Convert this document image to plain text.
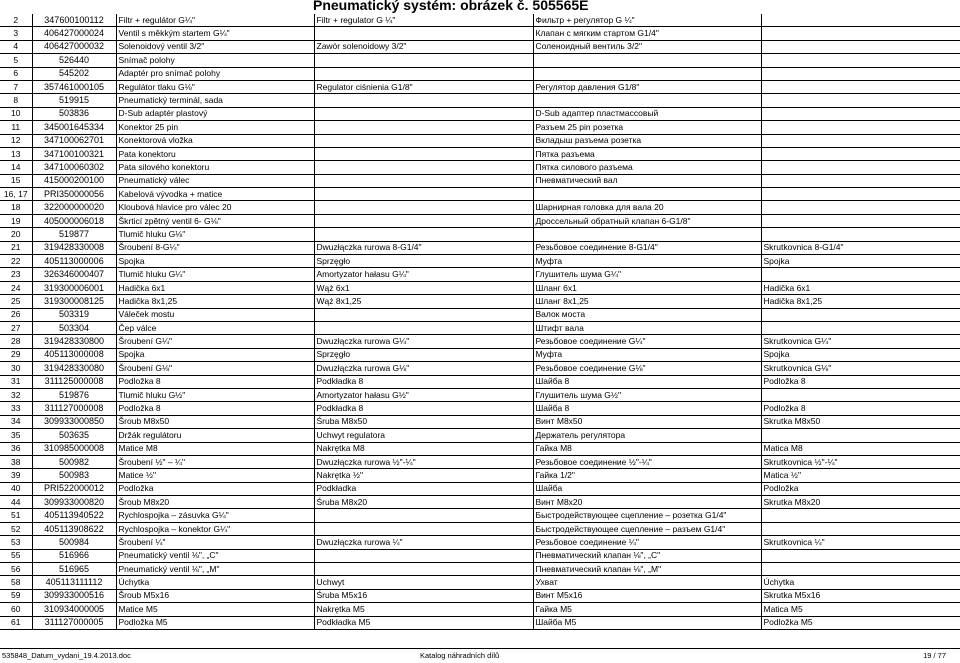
Pneumatický systém: obrázek č. 505565E
2	347600100112	Filtr + regulátor G¼"	Filtr + regulator G ¼"	Фильтр + регулятор G ¼"	
3	406427000024	Ventil s měkkým startem G¼"		Клапан с мягким стартом G1/4"	
4	406427000032	Solenoidový ventil 3/2"	Zawór solenoidowy 3/2"	Соленоидный вентиль 3/2"	
5	526440	Snímač polohy			
6	545202	Adaptér pro snímač polohy			
7	357461000105	Regulátor tlaku G⅛"	Regulator ciśnienia G1/8"	Регулятор давления G1/8"	
8	519915	Pneumatický terminál, sada			
10	503836	D-Sub adaptér plastový		D-Sub адаптер пластмассовый	
11	345001645334	Konektor 25 pin		Разъем 25 pin розетка	
12	347100062701	Konektorová vložka		Вкладыш разъема розетка	
13	347100100321	Pata konektoru		Пятка разъема	
14	347100060302	Pata silového konektoru		Пятка силового разъема	
15	415000200100	Pneumatický válec		Пневматический вал	
16, 17	PRI350000056	Kabelová vývodka + matice			
18	322000000020	Kloubová hlavice pro válec 20		Шарнирная головка для вала 20	
19	405000006018	Škrticí zpětný ventil 6- G⅛"		Дроссельный обратный клапан 6-G1/8"	
20	519877	Tlumič hluku G⅛"			
21	319428330008	Šroubení 8-G¼"	Dwuzłączka rurowa 8-G1/4"	Резьбовое соединение 8-G1/4"	Skrutkovnica 8-G1/4"
22	405113000006	Spojka	Sprzęgło	Муфта	Spojka
23	326346000407	Tlumič hluku G¼"	Amortyzator hałasu G¼"	Глушитель шума G¼"	
24	319300006001	Hadička 6x1	Wąż 6x1	Шланг 6x1	Hadička 6x1
25	319300008125	Hadička 8x1,25	Wąż 8x1,25	Шланг 8x1,25	Hadička 8x1,25
26	503319	Váleček mostu		Валок моста	
27	503304	Čep válce		Штифт вала	
28	319428330800	Šroubení G¼"	Dwuzłączka rurowa G¼"	Резьбовое соединение G¼"	Skrutkovnica G¼"
29	405113000008	Spojka	Sprzęgło	Муфта	Spojka
30	319428330080	Šroubení G⅛"	Dwuzłączka rurowa G⅛"	Резьбовое соединение G⅛"	Skrutkovnica G⅛"
31	311125000008	Podložka 8	Podkładka 8	Шайба 8	Podložka 8
32	519876	Tlumič hluku G½"	Amortyzator hałasu G½"	Глушитель шума G½"	
33	311127000008	Podložka 8	Podkładka 8	Шайба 8	Podložka 8
34	309933000850	Šroub M8x50	Śruba M8x50	Винт M8x50	Skrutka M8x50
35	503635	Držák regulátoru	Uchwyt regulatora	Держатель регулятора	
36	310985000008	Matice M8	Nakrętka M8	Гайка M8	Matica M8
38	500982	Šroubení ½" – ¼"	Dwuzłączka rurowa ½"-¼"	Резьбовое соединение ½"-¼"	Skrutkovnica ½"-¼"
39	500983	Matice ½"	Nakrętka ½"	Гайка 1/2"	Matica ½"
40	PRI522000012	Podložka	Podkładka	Шайба	Podložka
44	309933000820	Šroub M8x20	Śruba M8x20	Винт M8x20	Skrutka M8x20
51	405113940522	Rychlospojka – zásuvka G¼"		Быстродействующее сцепление – розетка G1/4"	
52	405113908622	Rychlospojka – konektor G¼"		Быстродействующее сцепление – разъем G1/4"	
53	500984	Šroubení ¼"	Dwuzłączka rurowa ¼"	Резьбовое соединение ¼"	Skrutkovnica ¼"
55	516966	Pneumatický ventil ⅛", „C"		Пневматический клапан ⅛", „C"	
56	516965	Pneumatický ventil ⅛", „M"		Пневматический клапан ⅛", „M"	
58	405113111112	Úchytka	Uchwyt	Ухват	Úchytka
59	309933000516	Šroub M5x16	Śruba M5x16	Винт M5x16	Skrutka M5x16
60	310934000005	Matice M5	Nakrętka M5	Гайка M5	Matica M5
61	311127000005	Podložka M5	Podkładka M5	Шайба M5	Podložka M5
535848_Datum_vydani_19.4.2013.doc	Katalog náhradních dílů	19 / 77
